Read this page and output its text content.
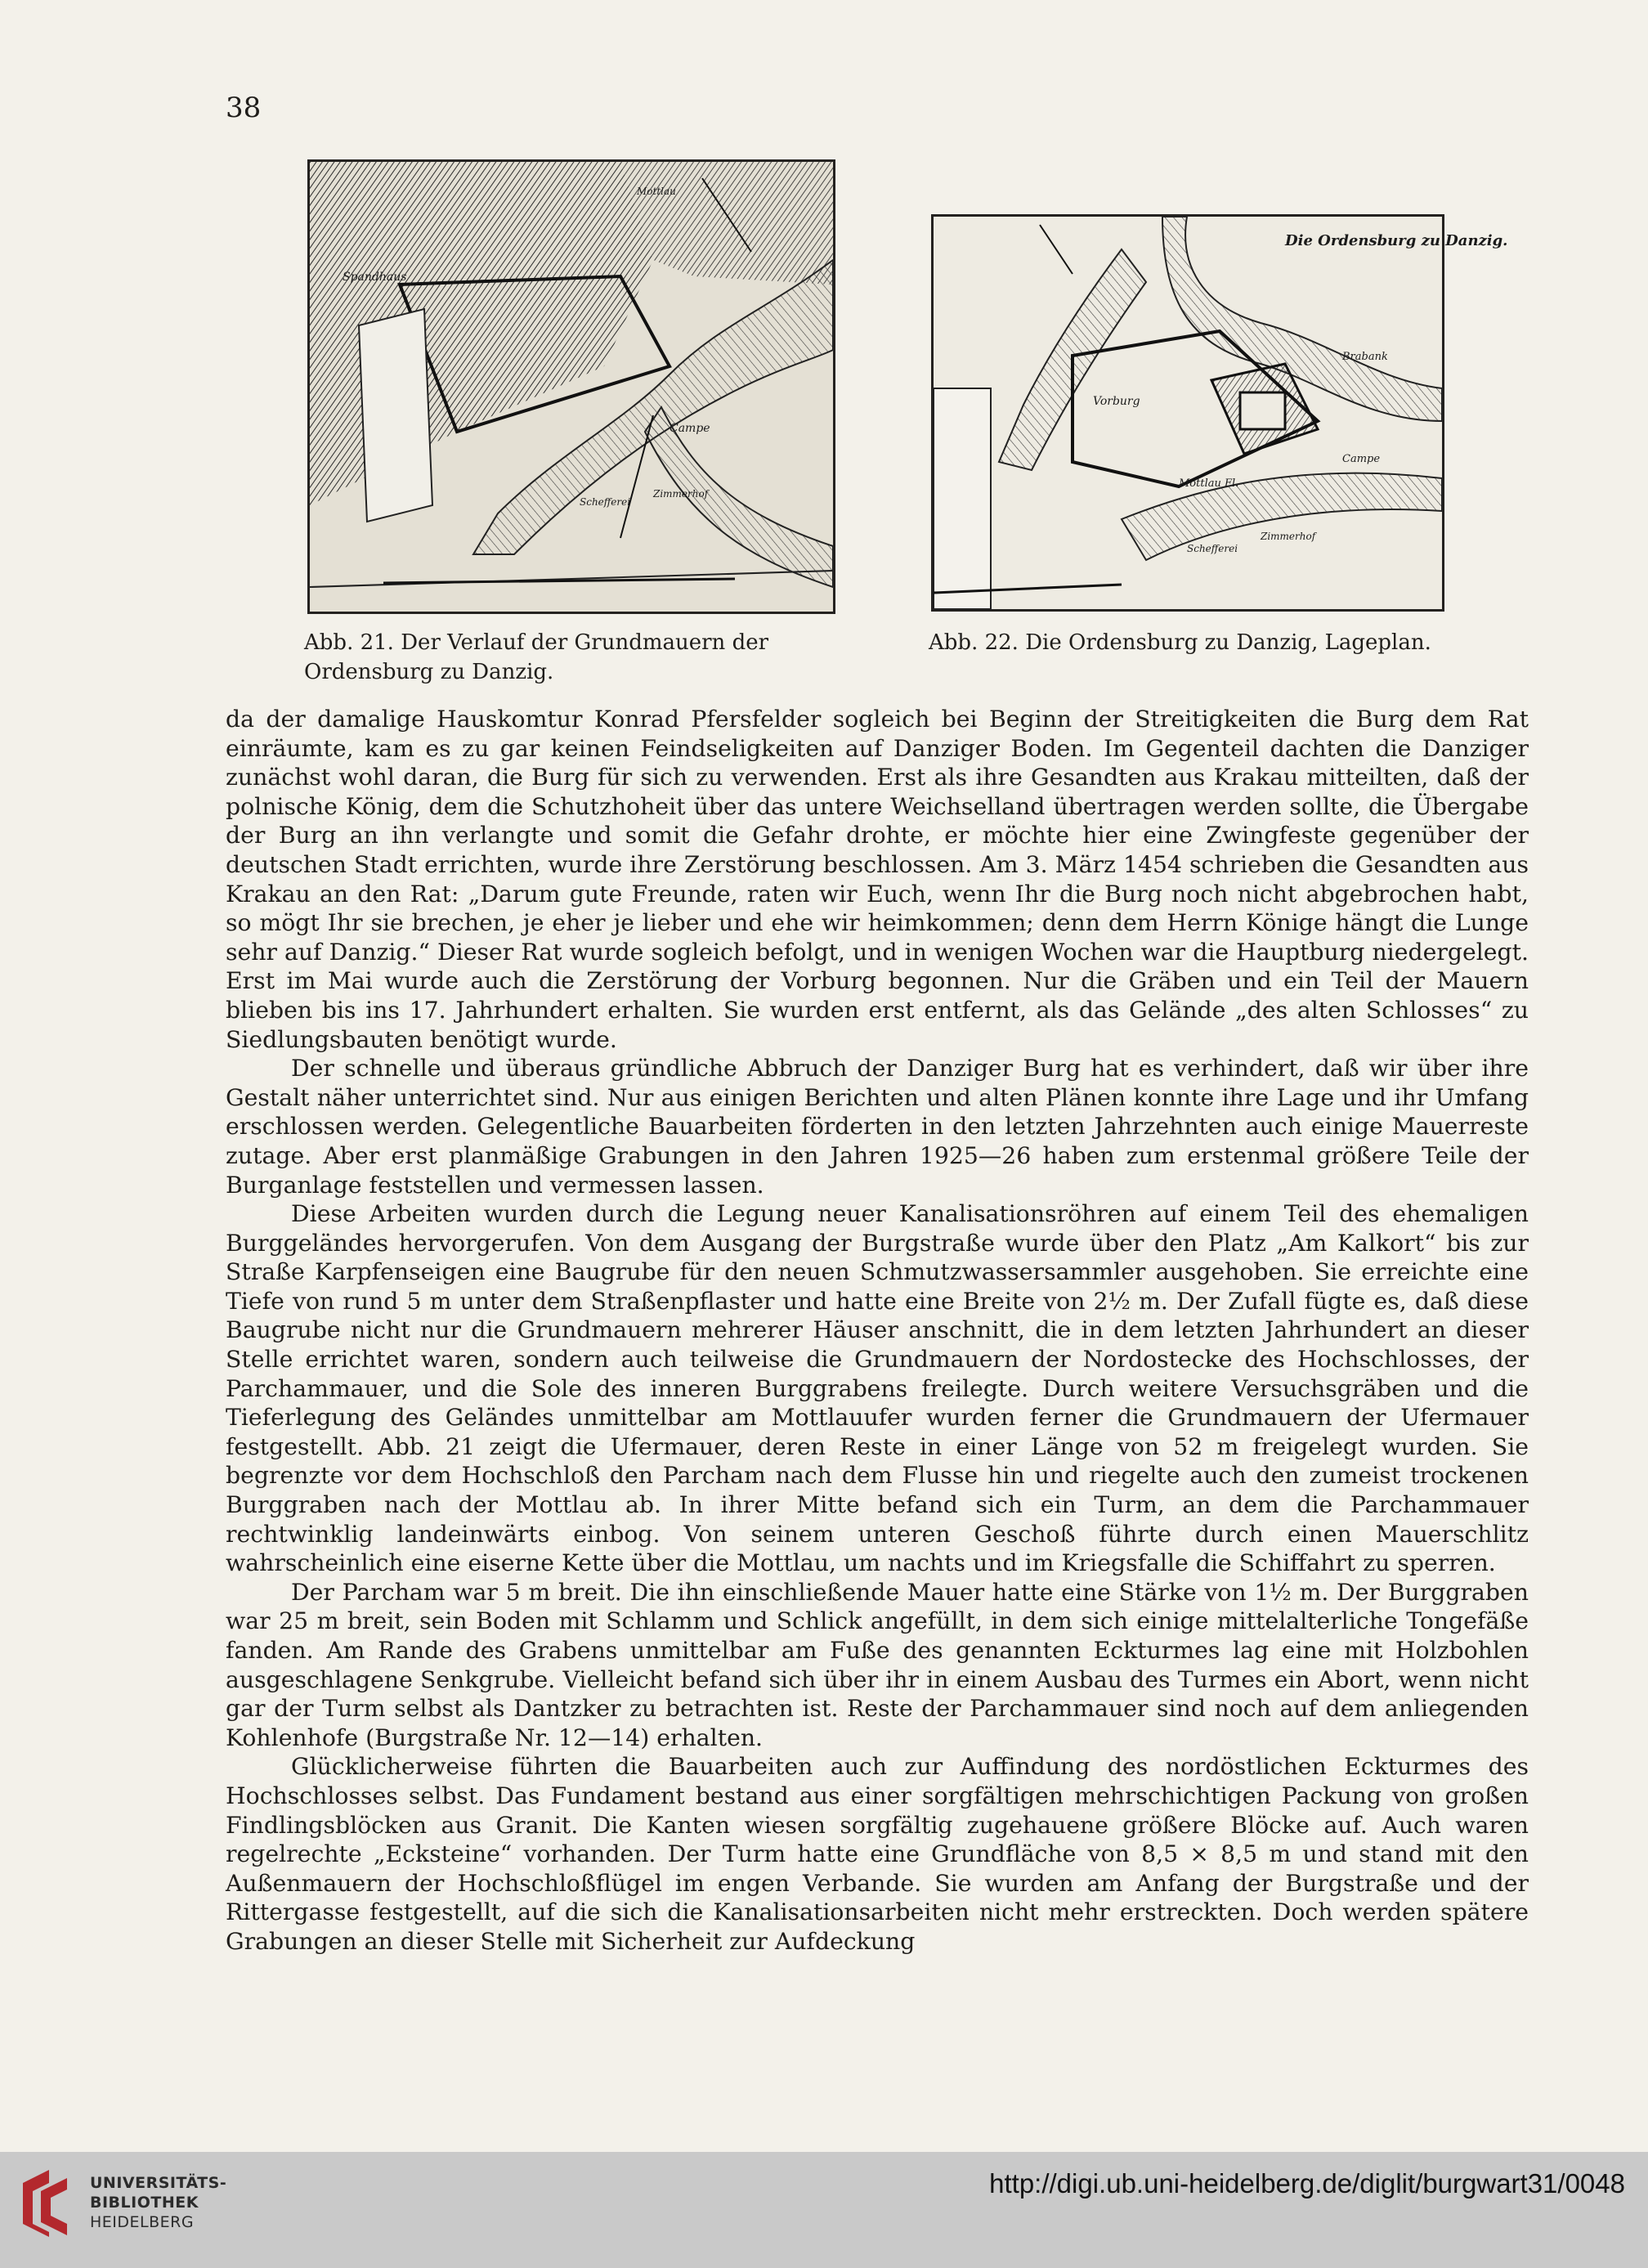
38
Spandhaus
Mottlau
Campe
Schefferei
Zimmerhof
Die Ordensburg zu Danzig.
Vorburg
Mottlau Fl.
Campe
Schefferei
Zimmerhof
Brabank
Abb. 21. Der Verlauf der Grundmauern der Ordensburg zu Danzig.
Abb. 22. Die Ordensburg zu Danzig, Lageplan.

da der damalige Hauskomtur Konrad Pfersfelder sogleich bei Beginn der Streitigkeiten die Burg dem Rat einräumte, kam es zu gar keinen Feindseligkeiten auf Danziger Boden. Im Gegenteil dachten die Danziger zunächst wohl daran, die Burg für sich zu verwenden. Erst als ihre Gesandten aus Krakau mitteilten, daß der polnische König, dem die Schutzhoheit über das untere Weichselland übertragen werden sollte, die Übergabe der Burg an ihn verlangte und somit die Gefahr drohte, er möchte hier eine Zwingfeste gegenüber der deutschen Stadt errichten, wurde ihre Zerstörung beschlossen. Am 3. März 1454 schrieben die Gesandten aus Krakau an den Rat: „Darum gute Freunde, raten wir Euch, wenn Ihr die Burg noch nicht abgebrochen habt, so mögt Ihr sie brechen, je eher je lieber und ehe wir heimkommen; denn dem Herrn Könige hängt die Lunge sehr auf Danzig.“ Dieser Rat wurde sogleich befolgt, und in wenigen Wochen war die Hauptburg niedergelegt. Erst im Mai wurde auch die Zerstörung der Vorburg begonnen. Nur die Gräben und ein Teil der Mauern blieben bis ins 17. Jahrhundert erhalten. Sie wurden erst entfernt, als das Gelände „des alten Schlosses“ zu Siedlungsbauten benötigt wurde.

Der schnelle und überaus gründliche Abbruch der Danziger Burg hat es verhindert, daß wir über ihre Gestalt näher unterrichtet sind. Nur aus einigen Berichten und alten Plänen konnte ihre Lage und ihr Umfang erschlossen werden. Gelegentliche Bauarbeiten förderten in den letzten Jahrzehnten auch einige Mauerreste zutage. Aber erst planmäßige Grabungen in den Jahren 1925—26 haben zum erstenmal größere Teile der Burganlage feststellen und vermessen lassen.

Diese Arbeiten wurden durch die Legung neuer Kanalisationsröhren auf einem Teil des ehemaligen Burggeländes hervorgerufen. Von dem Ausgang der Burgstraße wurde über den Platz „Am Kalkort“ bis zur Straße Karpfenseigen eine Baugrube für den neuen Schmutzwassersammler ausgehoben. Sie erreichte eine Tiefe von rund 5 m unter dem Straßenpflaster und hatte eine Breite von 2½ m. Der Zufall fügte es, daß diese Baugrube nicht nur die Grundmauern mehrerer Häuser anschnitt, die in dem letzten Jahrhundert an dieser Stelle errichtet waren, sondern auch teilweise die Grundmauern der Nordostecke des Hochschlosses, der Parchammauer, und die Sole des inneren Burggrabens freilegte. Durch weitere Versuchsgräben und die Tieferlegung des Geländes unmittelbar am Mottlauufer wurden ferner die Grundmauern der Ufermauer festgestellt. Abb. 21 zeigt die Ufermauer, deren Reste in einer Länge von 52 m freigelegt wurden. Sie begrenzte vor dem Hochschloß den Parcham nach dem Flusse hin und riegelte auch den zumeist trockenen Burggraben nach der Mottlau ab. In ihrer Mitte befand sich ein Turm, an dem die Parchammauer rechtwinklig landeinwärts einbog. Von seinem unteren Geschoß führte durch einen Mauerschlitz wahrscheinlich eine eiserne Kette über die Mottlau, um nachts und im Kriegsfalle die Schiffahrt zu sperren.

Der Parcham war 5 m breit. Die ihn einschließende Mauer hatte eine Stärke von 1½ m. Der Burggraben war 25 m breit, sein Boden mit Schlamm und Schlick angefüllt, in dem sich einige mittelalterliche Tongefäße fanden. Am Rande des Grabens unmittelbar am Fuße des genannten Eckturmes lag eine mit Holzbohlen ausgeschlagene Senkgrube. Vielleicht befand sich über ihr in einem Ausbau des Turmes ein Abort, wenn nicht gar der Turm selbst als Dantzker zu betrachten ist. Reste der Parchammauer sind noch auf dem anliegenden Kohlenhofe (Burgstraße Nr. 12—14) erhalten.

Glücklicherweise führten die Bauarbeiten auch zur Auffindung des nordöstlichen Eckturmes des Hochschlosses selbst. Das Fundament bestand aus einer sorgfältigen mehrschichtigen Packung von großen Findlingsblöcken aus Granit. Die Kanten wiesen sorgfältig zugehauene größere Blöcke auf. Auch waren regelrechte „Ecksteine“ vorhanden. Der Turm hatte eine Grundfläche von 8,5 × 8,5 m und stand mit den Außenmauern der Hochschloßflügel im engen Verbande. Sie wurden am Anfang der Burgstraße und der Rittergasse festgestellt, auf die sich die Kanalisationsarbeiten nicht mehr erstreckten. Doch werden spätere Grabungen an dieser Stelle mit Sicherheit zur Aufdeckung

UNIVERSITÄTS-
BIBLIOTHEK
HEIDELBERG
http://digi.ub.uni-heidelberg.de/diglit/burgwart31/0048
